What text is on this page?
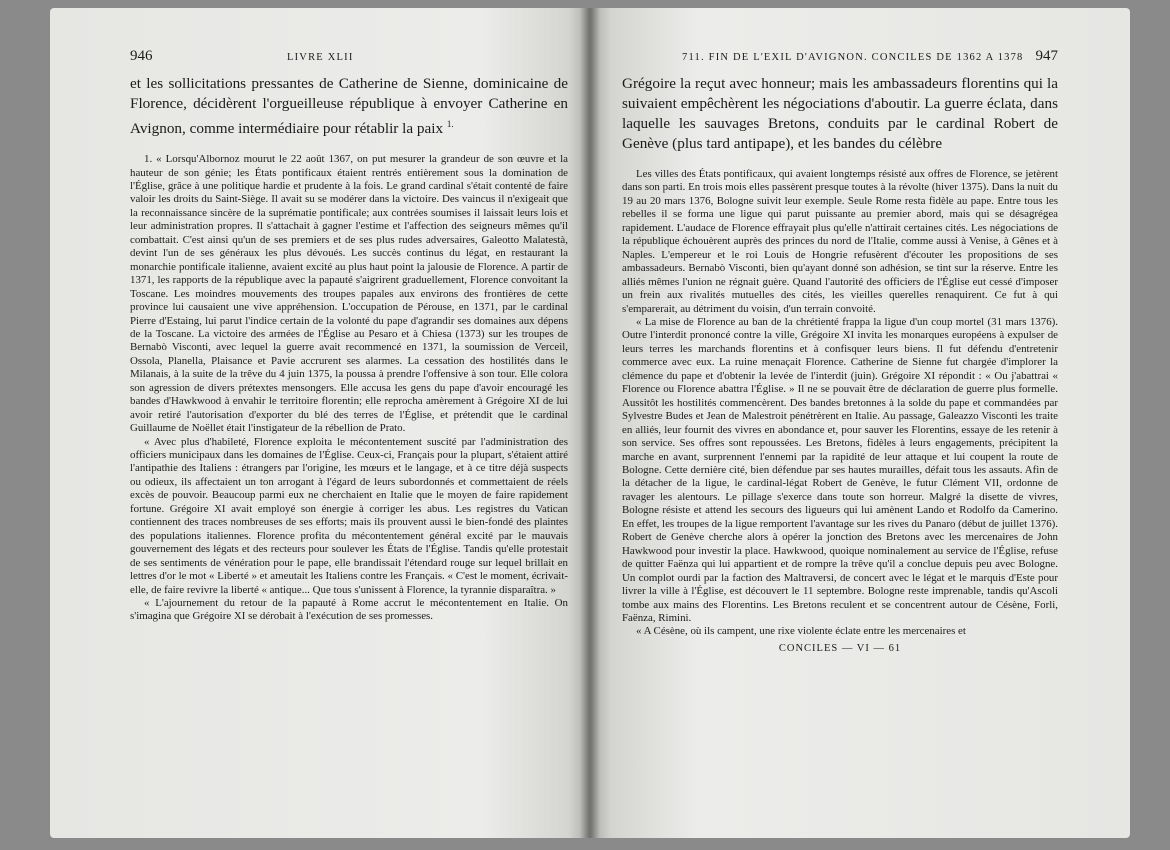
946	LIVRE XLII

et les sollicitations pressantes de Catherine de Sienne, dominicaine de Florence, décidèrent l'orgueilleuse république à envoyer Catherine en Avignon, comme intermédiaire pour rétablir la paix $^{1.}$

1. « Lorsqu'Albornoz mourut le 22 août 1367, on put mesurer la grandeur de son œuvre et la hauteur de son génie; les États pontificaux étaient rentrés entièrement sous la domination de l'Église, grâce à une politique hardie et prudente à la fois. Le grand cardinal s'était contenté de faire valoir les droits du Saint-Siège. Il avait su se modérer dans la victoire. Des vaincus il n'exigeait que la reconnaissance sincère de la suprématie pontificale; aux contrées soumises il laissait leurs lois et leur administration propres. Il s'attachait à gagner l'estime et l'affection des seigneurs mêmes qu'il combattait. C'est ainsi qu'un de ses premiers et de ses plus rudes adversaires, Galeotto Malatestà, devint l'un de ses généraux les plus dévoués. Les succès continus du légat, en restaurant la monarchie pontificale italienne, avaient excité au plus haut point la jalousie de Florence. A partir de 1371, les rapports de la république avec la papauté s'aigrirent graduellement, Florence convoitant la Toscane. Les moindres mouvements des troupes papales aux environs des frontières de cette province lui causaient une vive appréhension. L'occupation de Pérouse, en 1371, par le cardinal Pierre d'Estaing, lui parut l'indice certain de la volonté du pape d'agrandir ses domaines aux dépens de la Toscane. La victoire des armées de l'Église au Pesaro et à Chiesa (1373) sur les troupes de Bernabò Visconti, avec lequel la guerre avait recommencé en 1371, la soumission de Verceil, Ossola, Planella, Plaisance et Pavie accrurent ses alarmes. La cessation des hostilités dans le Milanais, à la suite de la trêve du 4 juin 1375, la poussa à prendre l'offensive à son tour. Elle colora son agression de divers prétextes mensongers. Elle accusa les gens du pape d'avoir encouragé les bandes d'Hawkwood à envahir le territoire florentin; elle reprocha amèrement à Grégoire XI de lui avoir retiré l'autorisation d'exporter du blé des terres de l'Église, et prétendit que le cardinal Guillaume de Noëllet était l'instigateur de la rébellion de Prato.

« Avec plus d'habileté, Florence exploita le mécontentement suscité par l'administration des officiers municipaux dans les domaines de l'Église. Ceux-ci, Français pour la plupart, s'étaient attiré l'antipathie des Italiens : étrangers par l'origine, les mœurs et le langage, et à ce titre déjà suspects ou odieux, ils affectaient un ton arrogant à l'égard de leurs subordonnés et commettaient de réels excès de pouvoir. Beaucoup parmi eux ne cherchaient en Italie que le moyen de faire rapidement fortune. Grégoire XI avait employé son énergie à corriger les abus. Les registres du Vatican contiennent des traces nombreuses de ses efforts; mais ils prouvent aussi le bien-fondé des plaintes des populations italiennes. Florence profita du mécontentement général excité par le mauvais gouvernement des légats et des recteurs pour soulever les États de l'Église. Tandis qu'elle protestait de ses sentiments de vénération pour le pape, elle brandissait l'étendard rouge sur lequel brillait en lettres d'or le mot « Liberté » et ameutait les Italiens contre les Français. « C'est le moment, écrivait-elle, de faire revivre la liberté « antique... Que tous s'unissent à Florence, la tyrannie disparaîtra. »

« L'ajournement du retour de la papauté à Rome accrut le mécontentement en Italie. On s'imagina que Grégoire XI se dérobait à l'exécution de ses promesses.

711. FIN DE L'EXIL D'AVIGNON. CONCILES DE 1362 A 1378 947

Grégoire la reçut avec honneur; mais les ambassadeurs florentins qui la suivaient empêchèrent les négociations d'aboutir. La guerre éclata, dans laquelle les sauvages Bretons, conduits par le cardinal Robert de Genève (plus tard antipape), et les bandes du célèbre

Les villes des États pontificaux, qui avaient longtemps résisté aux offres de Florence, se jetèrent dans son parti. En trois mois elles passèrent presque toutes à la révolte (hiver 1375). Dans la nuit du 19 au 20 mars 1376, Bologne suivit leur exemple. Seule Rome resta fidèle au pape. Entre tous les rebelles il se forma une ligue qui parut puissante au premier abord, mais qui se désagrégea rapidement. L'audace de Florence effrayait plus qu'elle n'attirait certaines cités. Les négociations de la république échouèrent auprès des princes du nord de l'Italie, comme aussi à Venise, à Gênes et à Naples. L'empereur et le roi Louis de Hongrie refusèrent d'écouter les propositions de ses ambassadeurs. Bernabò Visconti, bien qu'ayant donné son adhésion, se tint sur la réserve. Entre les alliés mêmes l'union ne régnait guère. Quand l'autorité des officiers de l'Église eut cessé d'imposer un frein aux rivalités mutuelles des cités, les vieilles querelles renaquirent. Ce fut à qui s'emparerait, au détriment du voisin, d'un terrain convoité.

« La mise de Florence au ban de la chrétienté frappa la ligue d'un coup mortel (31 mars 1376). Outre l'interdit prononcé contre la ville, Grégoire XI invita les monarques européens à expulser de leurs terres les marchands florentins et à confisquer leurs biens. Il fut défendu d'entretenir commerce avec eux. La ruine menaçait Florence. Catherine de Sienne fut chargée d'implorer la clémence du pape et d'obtenir la levée de l'interdit (juin). Grégoire XI répondit : « Ou j'abattrai « Florence ou Florence abattra l'Église. » Il ne se pouvait être de déclaration de guerre plus formelle. Aussitôt les hostilités commencèrent. Des bandes bretonnes à la solde du pape et commandées par Sylvestre Budes et Jean de Malestroit pénétrèrent en Italie. Au passage, Galeazzo Visconti les traite en alliés, leur fournit des vivres en abondance et, pour sauver les Florentins, essaye de les retenir à son service. Ses offres sont repoussées. Les Bretons, fidèles à leurs engagements, précipitent la marche en avant, surprennent l'ennemi par la rapidité de leur attaque et lui coupent la route de Bologne. Cette dernière cité, bien défendue par ses hautes murailles, défait tous les assauts. Afin de la détacher de la ligue, le cardinal-légat Robert de Genève, le futur Clément VII, ordonne de ravager les alentours. Le pillage s'exerce dans toute son horreur. Malgré la disette de vivres, Bologne résiste et attend les secours des ligueurs qui lui amènent Lando et Rodolfo da Camerino. En effet, les troupes de la ligue remportent l'avantage sur les rives du Panaro (début de juillet 1376). Robert de Genève cherche alors à opérer la jonction des Bretons avec les mercenaires de John Hawkwood pour investir la place. Hawkwood, quoique nominalement au service de l'Église, refuse de quitter Faënza qui lui appartient et de rompre la trêve qu'il a conclue depuis peu avec Bologne. Un complot ourdi par la faction des Maltraversi, de concert avec le légat et le marquis d'Este pour livrer la ville à l'Église, est découvert le 11 septembre. Bologne reste imprenable, tandis qu'Ascoli tombe aux mains des Florentins. Les Bretons reculent et se concentrent autour de Césène, Forli, Faënza, Rimini.

« A Césène, où ils campent, une rixe violente éclate entre les mercenaires et

CONCILES — VI — 61
